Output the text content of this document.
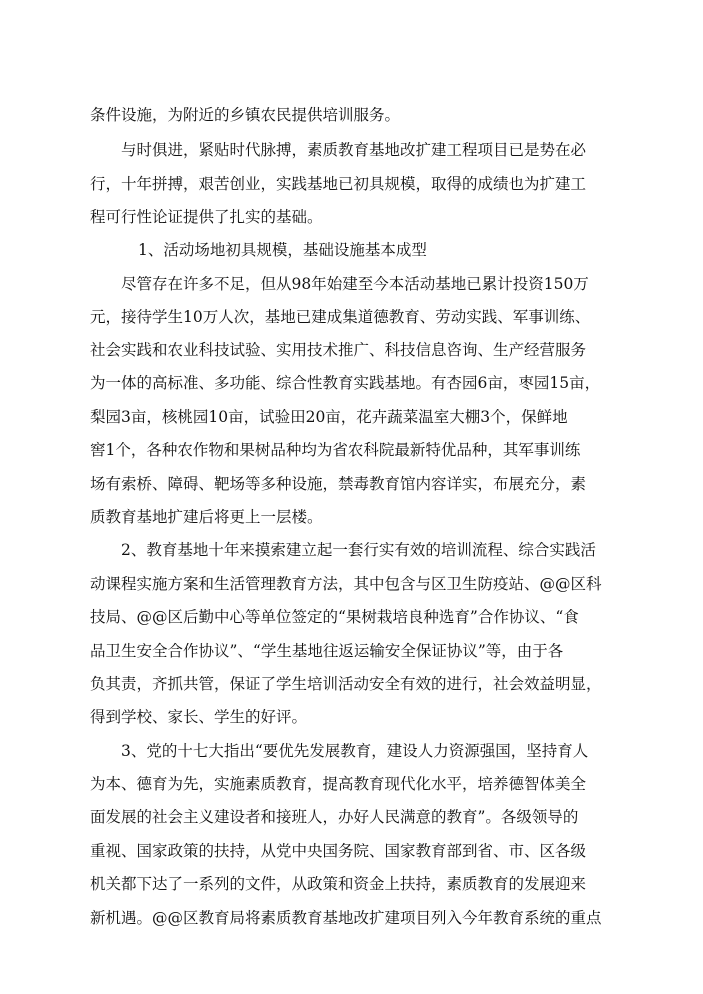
条件设施，为附近的乡镇农民提供培训服务。
与时俱进，紧贴时代脉搏，素质教育基地改扩建工程项目已是势在必
行，十年拼搏，艰苦创业，实践基地已初具规模，取得的成绩也为扩建工
程可行性论证提供了扎实的基础。
1、活动场地初具规模，基础设施基本成型
尽管存在许多不足，但从98年始建至今本活动基地已累计投资150万
元，接待学生10万人次，基地已建成集道德教育、劳动实践、军事训练、
社会实践和农业科技试验、实用技术推广、科技信息咨询、生产经营服务
为一体的高标准、多功能、综合性教育实践基地。有杏园6亩，枣园15亩，
梨园3亩，核桃园10亩，试验田20亩，花卉蔬菜温室大棚3个，保鲜地
窖1个，各种农作物和果树品种均为省农科院最新特优品种，其军事训练
场有索桥、障碍、靶场等多种设施，禁毒教育馆内容详实，布展充分，素
质教育基地扩建后将更上一层楼。
2、教育基地十年来摸索建立起一套行实有效的培训流程、综合实践活
动课程实施方案和生活管理教育方法，其中包含与区卫生防疫站、@@区科
技局、@@区后勤中心等单位签定的“果树栽培良种选育”合作协议、“食
品卫生安全合作协议”、“学生基地往返运输安全保证协议”等，由于各
负其责，齐抓共管，保证了学生培训活动安全有效的进行，社会效益明显，
得到学校、家长、学生的好评。
3、党的十七大指出“要优先发展教育，建设人力资源强国，坚持育人
为本、德育为先，实施素质教育，提高教育现代化水平，培养德智体美全
面发展的社会主义建设者和接班人，办好人民满意的教育”。各级领导的
重视、国家政策的扶持，从党中央国务院、国家教育部到省、市、区各级
机关都下达了一系列的文件，从政策和资金上扶持，素质教育的发展迎来
新机遇。@@区教育局将素质教育基地改扩建项目列入今年教育系统的重点
